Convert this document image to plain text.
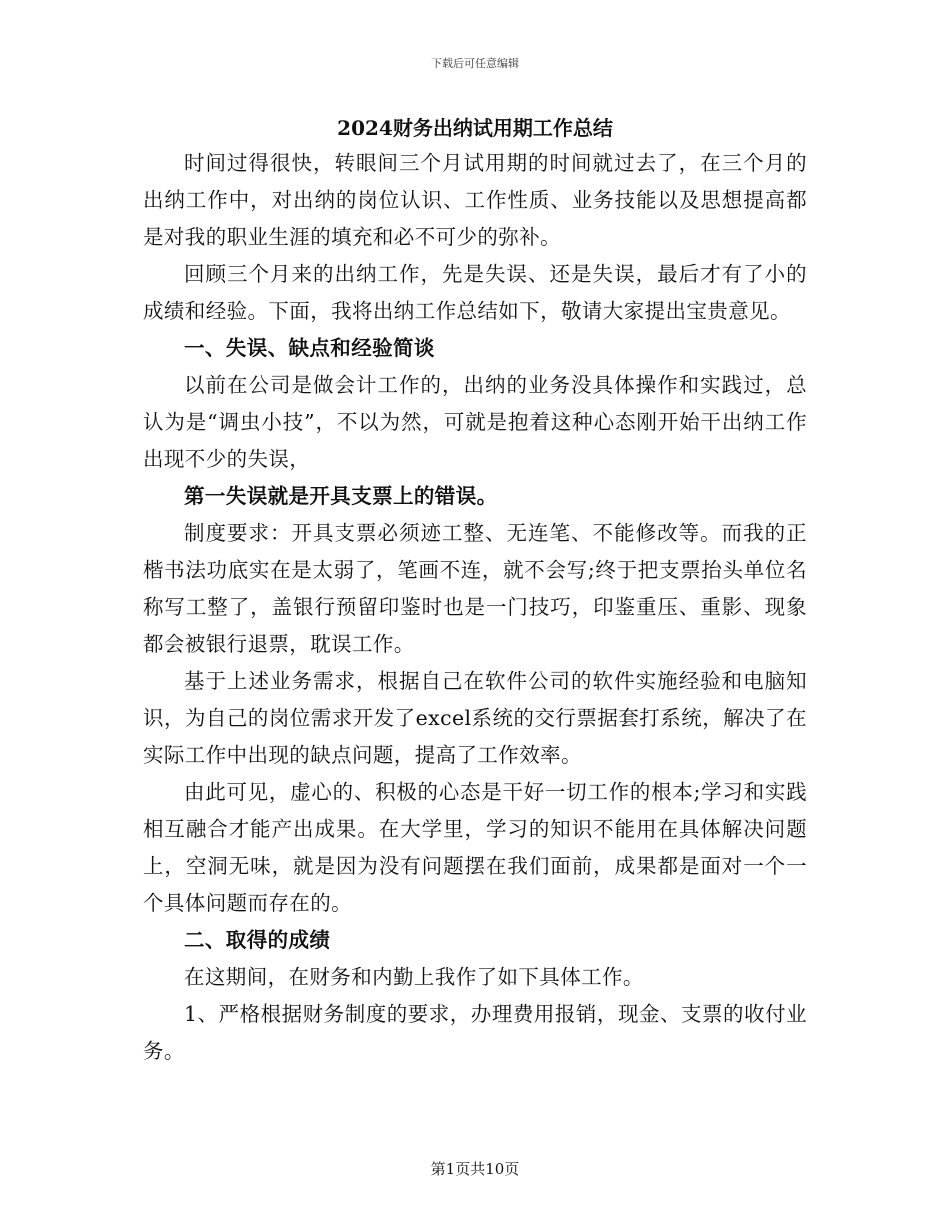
下载后可任意编辑
2024财务出纳试用期工作总结

时间过得很快，转眼间三个月试用期的时间就过去了，在三个月的出纳工作中，对出纳的岗位认识、工作性质、业务技能以及思想提高都是对我的职业生涯的填充和必不可少的弥补。

回顾三个月来的出纳工作，先是失误、还是失误，最后才有了小的成绩和经验。下面，我将出纳工作总结如下，敬请大家提出宝贵意见。

一、失误、缺点和经验简谈

以前在公司是做会计工作的，出纳的业务没具体操作和实践过，总认为是“调虫小技”，不以为然，可就是抱着这种心态刚开始干出纳工作出现不少的失误，

第一失误就是开具支票上的错误。

制度要求：开具支票必须迹工整、无连笔、不能修改等。而我的正楷书法功底实在是太弱了，笔画不连，就不会写;终于把支票抬头单位名称写工整了，盖银行预留印鉴时也是一门技巧，印鉴重压、重影、现象都会被银行退票，耽误工作。

基于上述业务需求，根据自己在软件公司的软件实施经验和电脑知识，为自己的岗位需求开发了excel系统的交行票据套打系统，解决了在实际工作中出现的缺点问题，提高了工作效率。

由此可见，虚心的、积极的心态是干好一切工作的根本;学习和实践相互融合才能产出成果。在大学里，学习的知识不能用在具体解决问题上，空洞无味，就是因为没有问题摆在我们面前，成果都是面对一个一个具体问题而存在的。

二、取得的成绩

在这期间，在财务和内勤上我作了如下具体工作。

1、严格根据财务制度的要求，办理费用报销，现金、支票的收付业务。

第1页共10页
